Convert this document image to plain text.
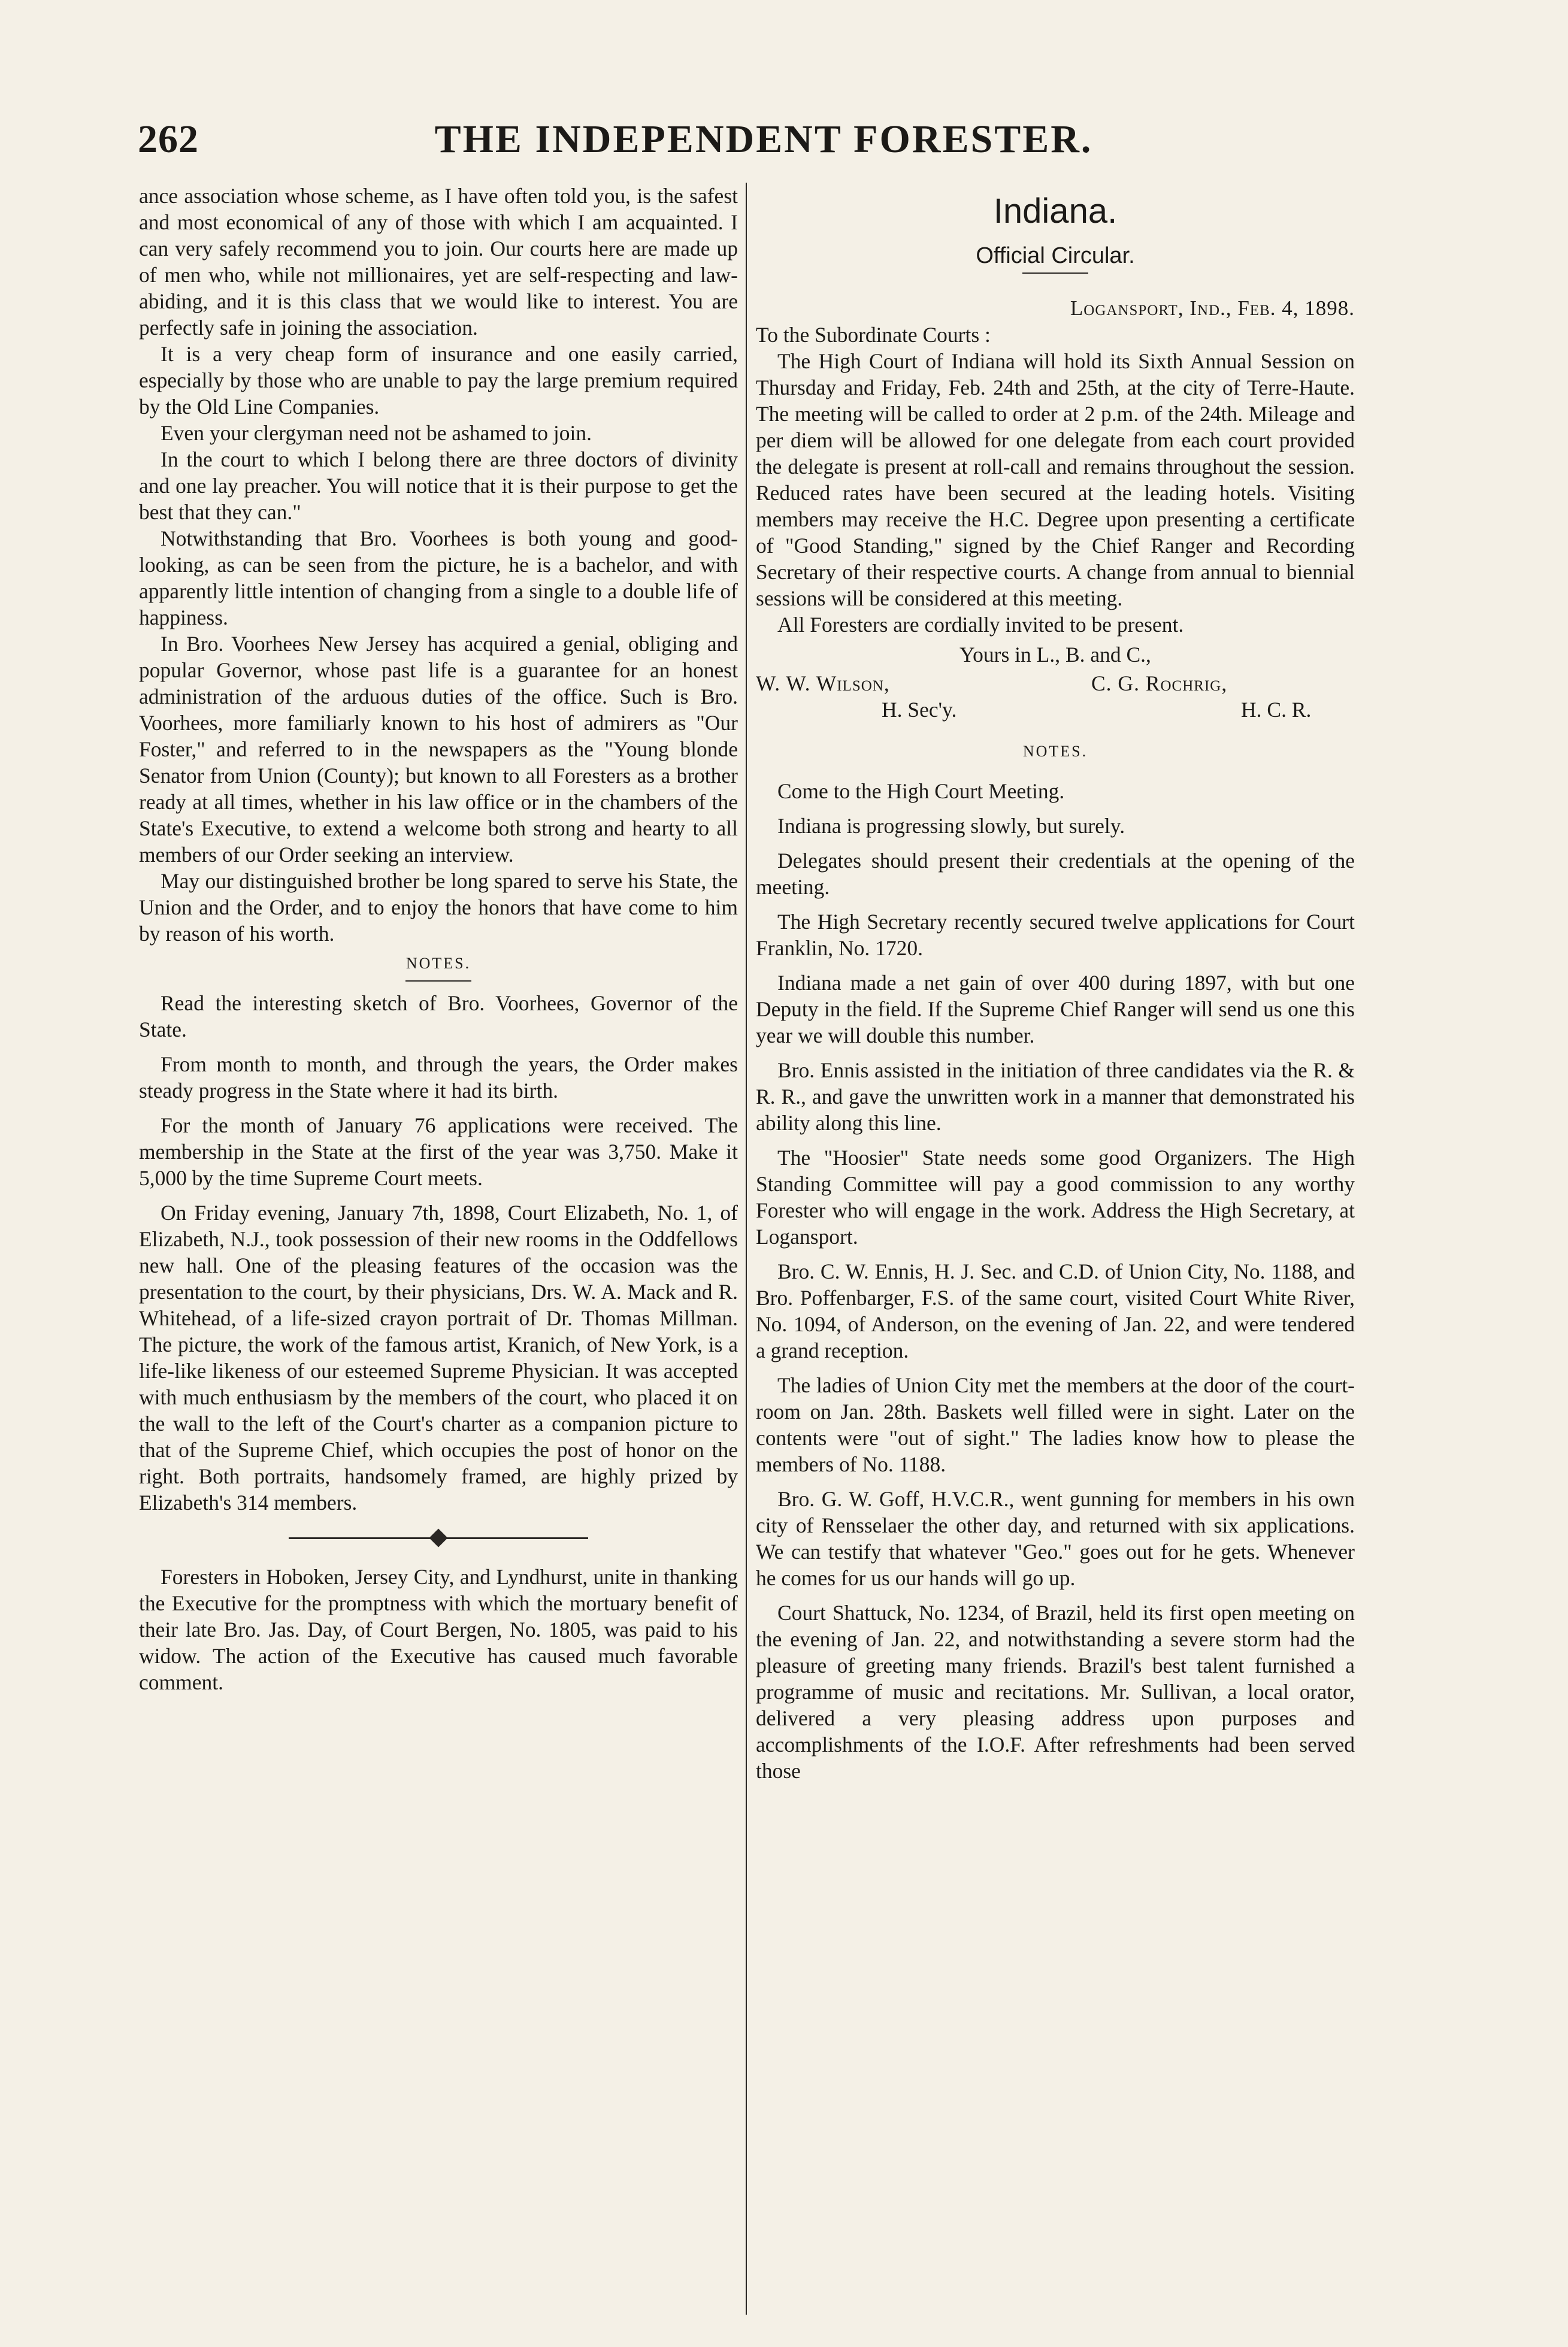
262	THE INDEPENDENT FORESTER.

ance association whose scheme, as I have often told you, is the safest and most economical of any of those with which I am acquainted. I can very safely recommend you to join. Our courts here are made up of men who, while not millionaires, yet are self-respecting and law-abiding, and it is this class that we would like to interest. You are perfectly safe in joining the association.

It is a very cheap form of insurance and one easily carried, especially by those who are unable to pay the large premium required by the Old Line Companies.

Even your clergyman need not be ashamed to join.

In the court to which I belong there are three doctors of divinity and one lay preacher. You will notice that it is their purpose to get the best that they can."

Notwithstanding that Bro. Voorhees is both young and good-looking, as can be seen from the picture, he is a bachelor, and with apparently little intention of changing from a single to a double life of happiness.

In Bro. Voorhees New Jersey has acquired a genial, obliging and popular Governor, whose past life is a guarantee for an honest administration of the arduous duties of the office. Such is Bro. Voorhees, more familiarly known to his host of admirers as "Our Foster," and referred to in the newspapers as the "Young blonde Senator from Union (County); but known to all Foresters as a brother ready at all times, whether in his law office or in the chambers of the State's Executive, to extend a welcome both strong and hearty to all members of our Order seeking an interview.

May our distinguished brother be long spared to serve his State, the Union and the Order, and to enjoy the honors that have come to him by reason of his worth.

NOTES.

Read the interesting sketch of Bro. Voorhees, Governor of the State.

From month to month, and through the years, the Order makes steady progress in the State where it had its birth.

For the month of January 76 applications were received. The membership in the State at the first of the year was 3,750. Make it 5,000 by the time Supreme Court meets.

On Friday evening, January 7th, 1898, Court Elizabeth, No. 1, of Elizabeth, N.J., took possession of their new rooms in the Oddfellows new hall. One of the pleasing features of the occasion was the presentation to the court, by their physicians, Drs. W. A. Mack and R. Whitehead, of a life-sized crayon portrait of Dr. Thomas Millman. The picture, the work of the famous artist, Kranich, of New York, is a life-like likeness of our esteemed Supreme Physician. It was accepted with much enthusiasm by the members of the court, who placed it on the wall to the left of the Court's charter as a companion picture to that of the Supreme Chief, which occupies the post of honor on the right. Both portraits, handsomely framed, are highly prized by Elizabeth's 314 members.

Foresters in Hoboken, Jersey City, and Lyndhurst, unite in thanking the Executive for the promptness with which the mortuary benefit of their late Bro. Jas. Day, of Court Bergen, No. 1805, was paid to his widow. The action of the Executive has caused much favorable comment.

Indiana.
Official Circular.
Logansport, Ind., Feb. 4, 1898.

To the Subordinate Courts :

The High Court of Indiana will hold its Sixth Annual Session on Thursday and Friday, Feb. 24th and 25th, at the city of Terre-Haute. The meeting will be called to order at 2 p.m. of the 24th. Mileage and per diem will be allowed for one delegate from each court provided the delegate is present at roll-call and remains throughout the session. Reduced rates have been secured at the leading hotels. Visiting members may receive the H.C. Degree upon presenting a certificate of "Good Standing," signed by the Chief Ranger and Recording Secretary of their respective courts. A change from annual to biennial sessions will be considered at this meeting.

All Foresters are cordially invited to be present.

Yours in L., B. and C.,
W. W. Wilson,	C. G. Rochrig,
H. Sec'y.	H. C. R.
NOTES.

Come to the High Court Meeting.

Indiana is progressing slowly, but surely.

Delegates should present their credentials at the opening of the meeting.

The High Secretary recently secured twelve applications for Court Franklin, No. 1720.

Indiana made a net gain of over 400 during 1897, with but one Deputy in the field. If the Supreme Chief Ranger will send us one this year we will double this number.

Bro. Ennis assisted in the initiation of three candidates via the R. & R. R., and gave the unwritten work in a manner that demonstrated his ability along this line.

The "Hoosier" State needs some good Organizers. The High Standing Committee will pay a good commission to any worthy Forester who will engage in the work. Address the High Secretary, at Logansport.

Bro. C. W. Ennis, H. J. Sec. and C.D. of Union City, No. 1188, and Bro. Poffenbarger, F.S. of the same court, visited Court White River, No. 1094, of Anderson, on the evening of Jan. 22, and were tendered a grand reception.

The ladies of Union City met the members at the door of the court-room on Jan. 28th. Baskets well filled were in sight. Later on the contents were "out of sight." The ladies know how to please the members of No. 1188.

Bro. G. W. Goff, H.V.C.R., went gunning for members in his own city of Rensselaer the other day, and returned with six applications. We can testify that whatever "Geo." goes out for he gets. Whenever he comes for us our hands will go up.

Court Shattuck, No. 1234, of Brazil, held its first open meeting on the evening of Jan. 22, and notwithstanding a severe storm had the pleasure of greeting many friends. Brazil's best talent furnished a programme of music and recitations. Mr. Sullivan, a local orator, delivered a very pleasing address upon purposes and accomplishments of the I.O.F. After refreshments had been served those
